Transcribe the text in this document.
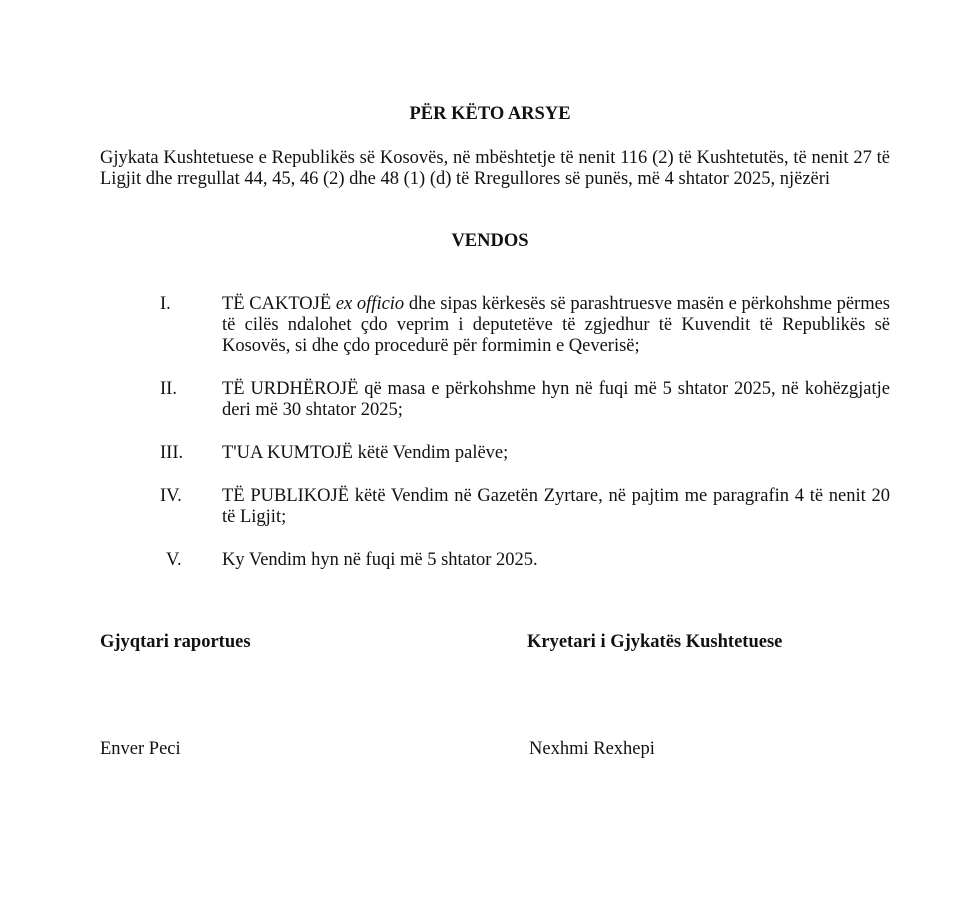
PËR KËTO ARSYE

Gjykata Kushtetuese e Republikës së Kosovës, në mbështetje të nenit 116 (2) të Kushtetutës, të nenit 27 të Ligjit dhe rregullat 44, 45, 46 (2) dhe 48 (1) (d) të Rregullores së punës, më 4 shtator 2025, njëzëri

VENDOS
I.	TË CAKTOJË ex officio dhe sipas kërkesës së parashtruesve masën e përkohshme përmes të cilës ndalohet çdo veprim i deputetëve të zgjedhur të Kuvendit të Republikës së Kosovës, si dhe çdo procedurë për formimin e Qeverisë;
II.	TË URDHËROJË që masa e përkohshme hyn në fuqi më 5 shtator 2025, në kohëzgjatje deri më 30 shtator 2025;
III.	T'UA KUMTOJË këtë Vendim palëve;
IV.	TË PUBLIKOJË këtë Vendim në Gazetën Zyrtare, në pajtim me paragrafin 4 të nenit 20 të Ligjit;
V.	Ky Vendim hyn në fuqi më 5 shtator 2025.

Gjyqtari raportues	Kryetari i Gjykatës Kushtetuese

Enver Peci	Nexhmi Rexhepi
